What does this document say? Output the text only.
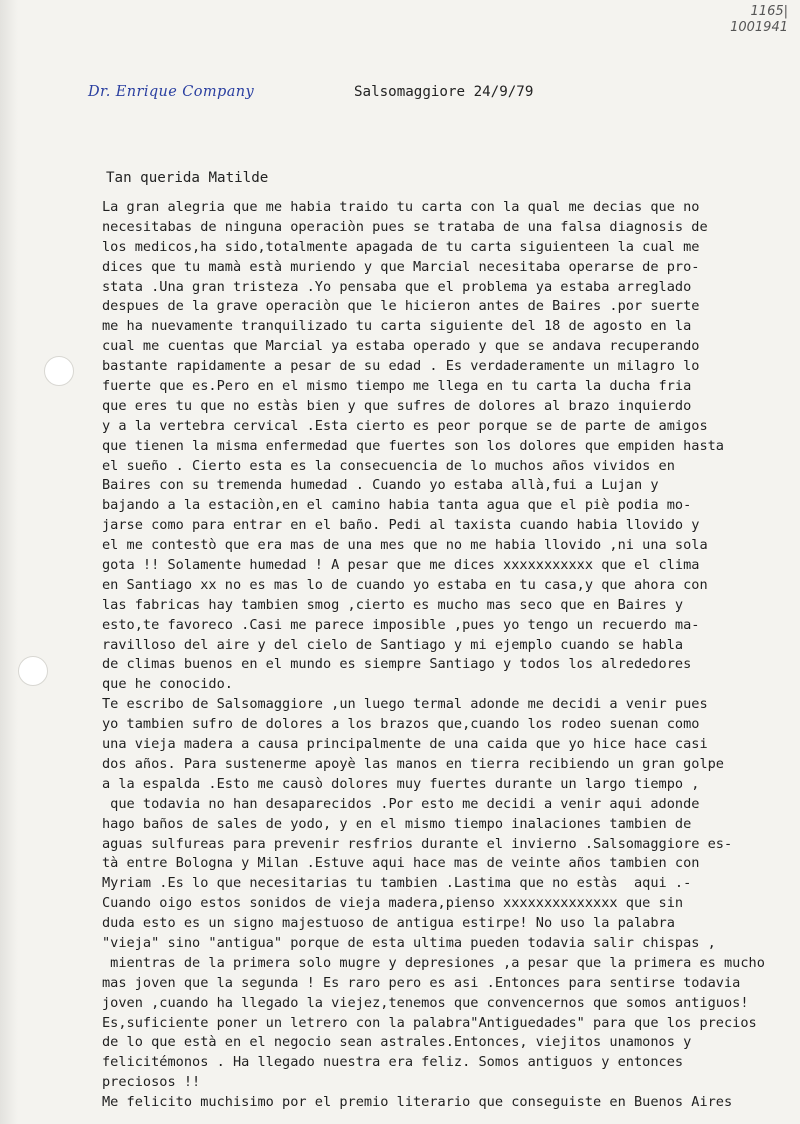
1165|
1001941
Dr. Enrique Company	Salsomaggiore 24/9/79
Tan querida Matilde
La gran alegria que me habia traido tu carta con la qual me decias que no
necesitabas de ninguna operaciòn pues se trataba de una falsa diagnosis de
los medicos,ha sido,totalmente apagada de tu carta siguienteen la cual me
dices que tu mamà està muriendo y que Marcial necesitaba operarse de pro-
stata .Una gran tristeza .Yo pensaba que el problema ya estaba arreglado
despues de la grave operaciòn que le hicieron antes de Baires .por suerte
me ha nuevamente tranquilizado tu carta siguiente del 18 de agosto en la
cual me cuentas que Marcial ya estaba operado y que se andava recuperando
bastante rapidamente a pesar de su edad . Es verdaderamente un milagro lo
fuerte que es.Pero en el mismo tiempo me llega en tu carta la ducha fria
que eres tu que no estàs bien y que sufres de dolores al brazo inquierdo
y a la vertebra cervical .Esta cierto es peor porque se de parte de amigos
que tienen la misma enfermedad que fuertes son los dolores que empiden hasta
el sueño . Cierto esta es la consecuencia de lo muchos años vividos en
Baires con su tremenda humedad . Cuando yo estaba allà,fui a Lujan y
bajando a la estaciòn,en el camino habia tanta agua que el piè podia mo-
jarse como para entrar en el baño. Pedi al taxista cuando habia llovido y
el me contestò que era mas de una mes que no me habia llovido ,ni una sola
gota !! Solamente humedad ! A pesar que me dices xxxxxxxxxxx que el clima
en Santiago xx no es mas lo de cuando yo estaba en tu casa,y que ahora con
las fabricas hay tambien smog ,cierto es mucho mas seco que en Baires y
esto,te favoreco .Casi me parece imposible ,pues yo tengo un recuerdo ma-
ravilloso del aire y del cielo de Santiago y mi ejemplo cuando se habla
de climas buenos en el mundo es siempre Santiago y todos los alrededores
que he conocido.
Te escribo de Salsomaggiore ,un luego termal adonde me decidi a venir pues
yo tambien sufro de dolores a los brazos que,cuando los rodeo suenan como
una vieja madera a causa principalmente de una caida que yo hice hace casi
dos años. Para sustenerme apoyè las manos en tierra recibiendo un gran golpe
a la espalda .Esto me causò dolores muy fuertes durante un largo tiempo ,
que todavia no han desaparecidos .Por esto me decidi a venir aqui adonde
hago baños de sales de yodo, y en el mismo tiempo inalaciones tambien de
aguas sulfureas para prevenir resfrios durante el invierno .Salsomaggiore es-
tà entre Bologna y Milan .Estuve aqui hace mas de veinte años tambien con
Myriam .Es lo que necesitarias tu tambien .Lastima que no estàs  aqui .-
Cuando oigo estos sonidos de vieja madera,pienso xxxxxxxxxxxxxx que sin
duda esto es un signo majestuoso de antigua estirpe! No uso la palabra
"vieja" sino "antigua" porque de esta ultima pueden todavia salir chispas ,
mientras de la primera solo mugre y depresiones ,a pesar que la primera es mucho
mas joven que la segunda ! Es raro pero es asi .Entonces para sentirse todavia
joven ,cuando ha llegado la viejez,tenemos que convencernos que somos antiguos!
Es,suficiente poner un letrero con la palabra"Antiguedades" para que los precios
de lo que està en el negocio sean astrales.Entonces, viejitos unamonos y
felicitémonos . Ha llegado nuestra era feliz. Somos antiguos y entonces
preciosos !!
Me felicito muchisimo por el premio literario que conseguiste en Buenos Aires
